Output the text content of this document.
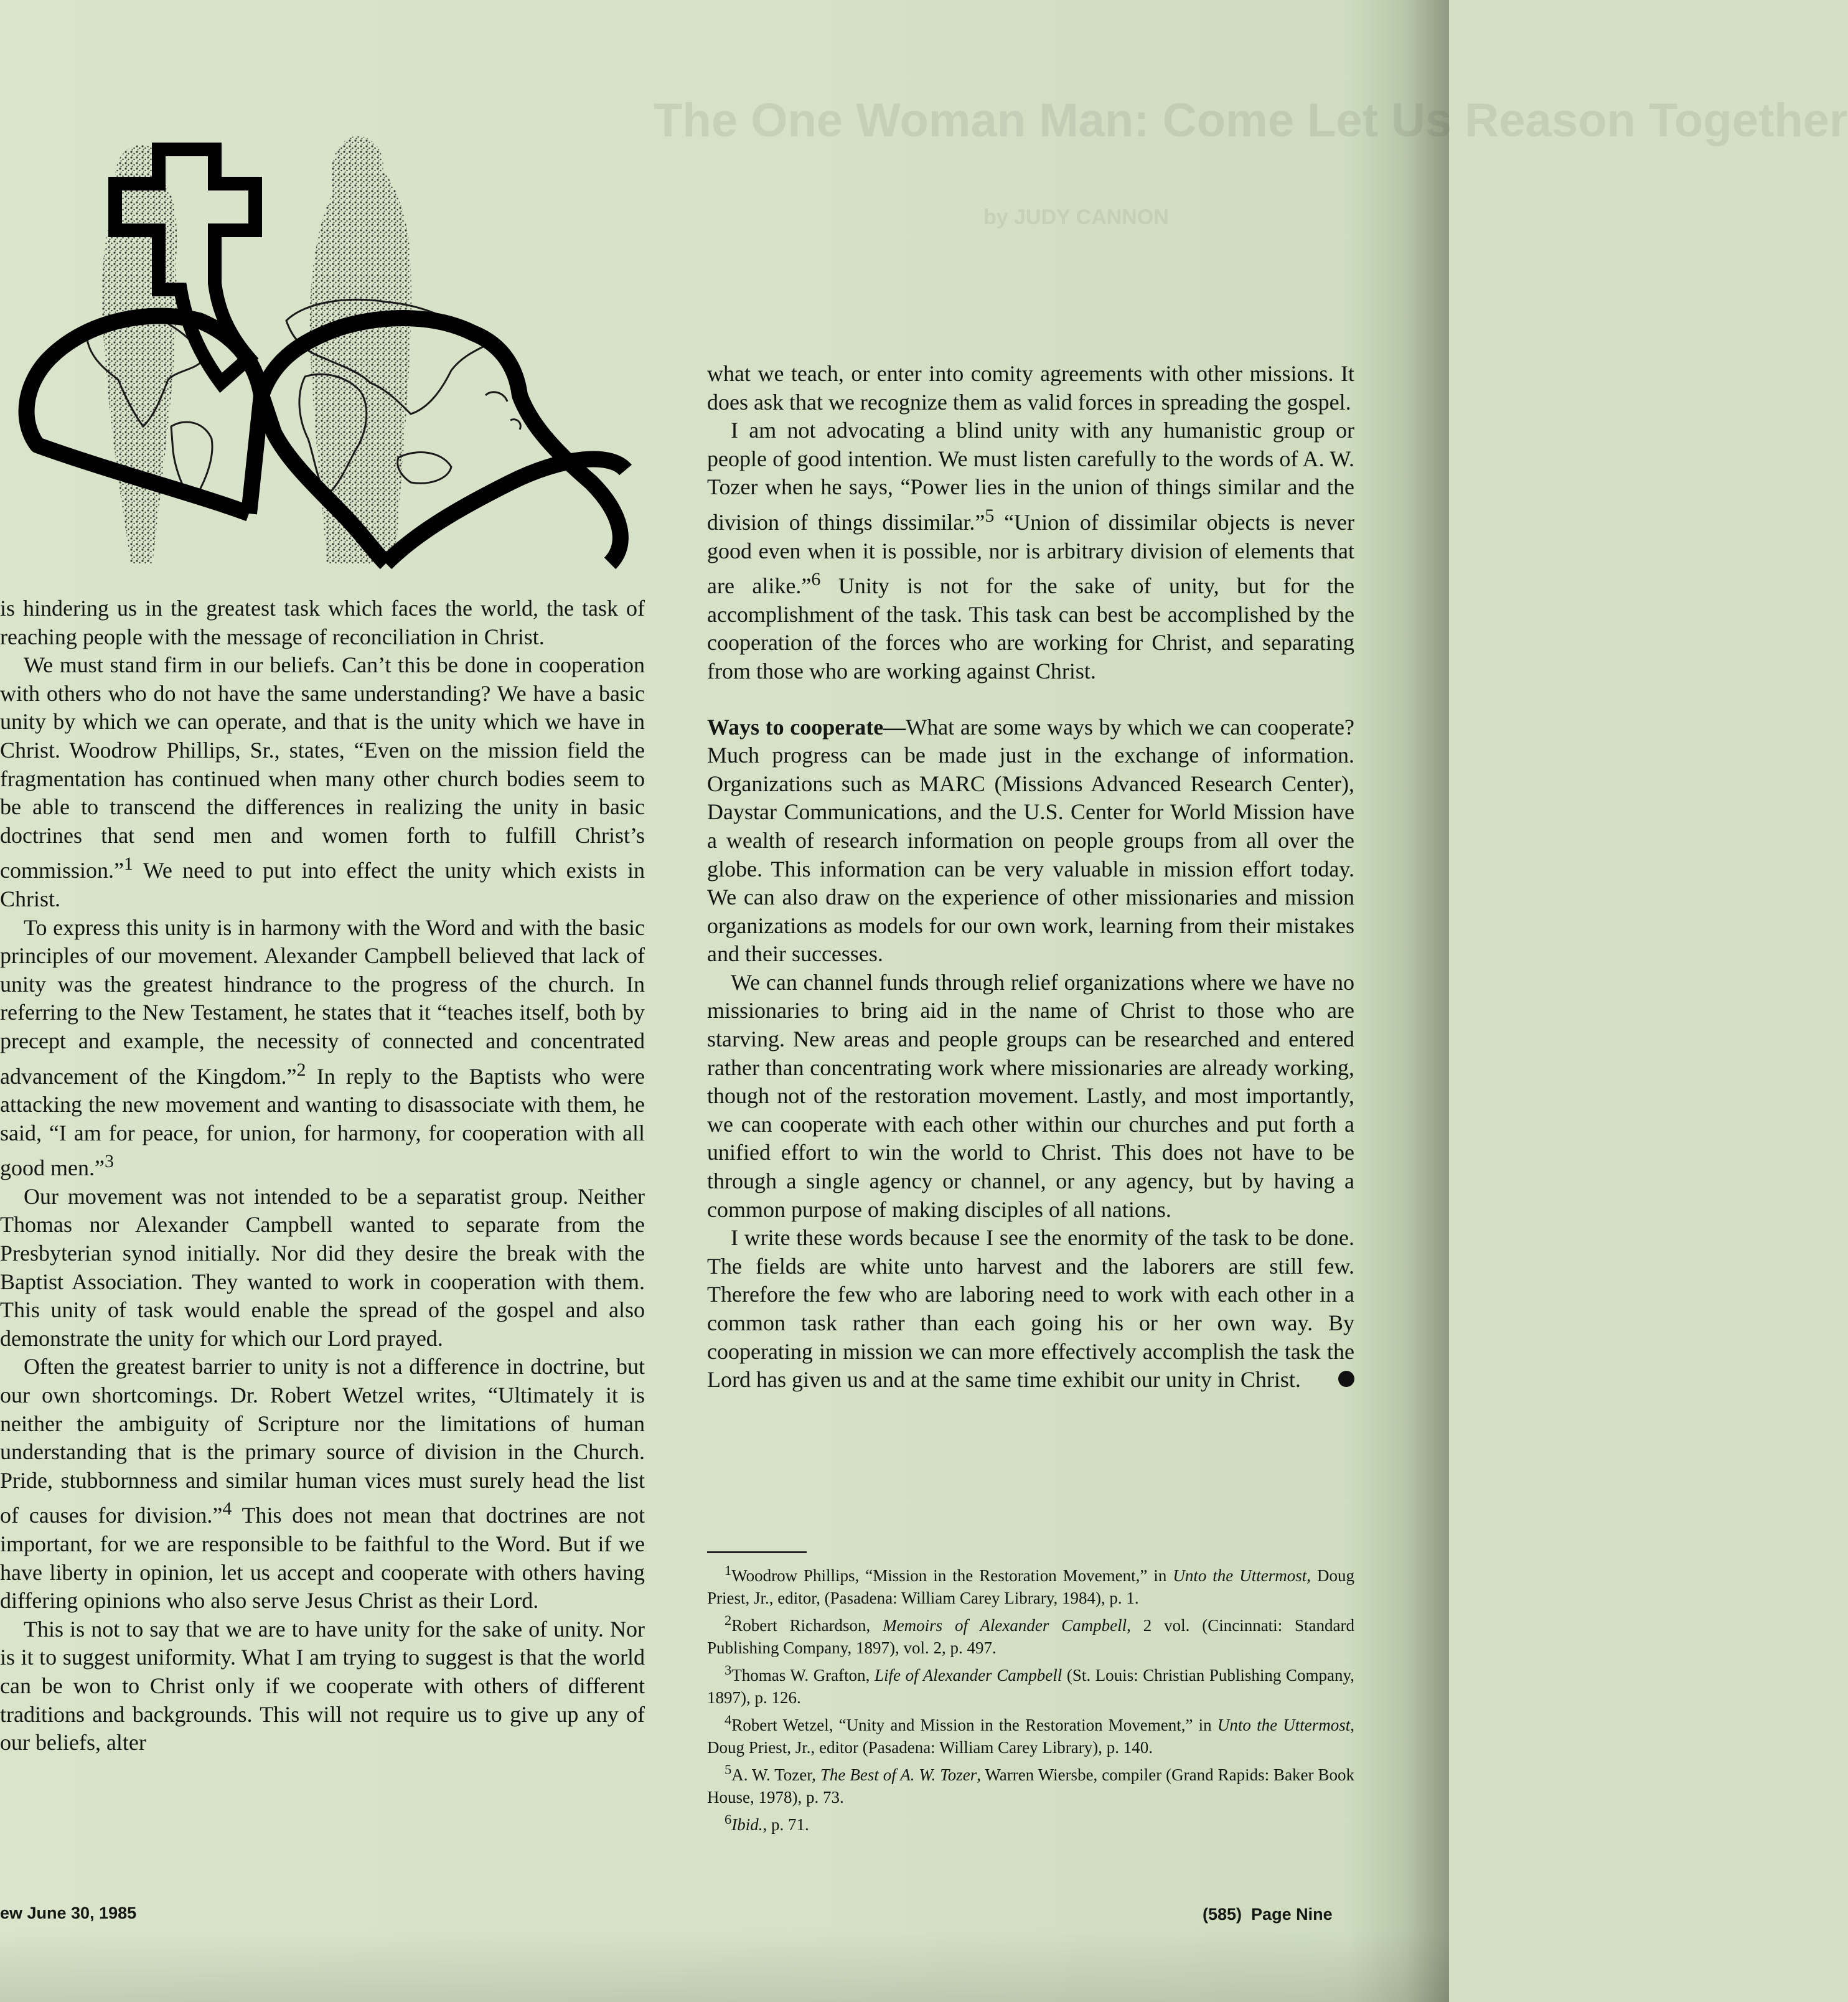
The One Woman Man: Come Let Us Reason Together
by JUDY CANNON

is hindering us in the greatest task which faces the world, the task of reaching people with the message of reconciliation in Christ.

We must stand firm in our beliefs. Can’t this be done in cooperation with others who do not have the same understanding? We have a basic unity by which we can operate, and that is the unity which we have in Christ. Woodrow Phillips, Sr., states, “Even on the mission field the fragmentation has continued when many other church bodies seem to be able to transcend the differences in realizing the unity in basic doctrines that send men and women forth to fulfill Christ’s commission.”$^1$ We need to put into effect the unity which exists in Christ.

To express this unity is in harmony with the Word and with the basic principles of our movement. Alexander Campbell believed that lack of unity was the greatest hindrance to the progress of the church. In referring to the New Testament, he states that it “teaches itself, both by precept and example, the necessity of connected and concentrated advancement of the Kingdom.”$^2$ In reply to the Baptists who were attacking the new movement and wanting to disassociate with them, he said, “I am for peace, for union, for harmony, for cooperation with all good men.”$^3$

Our movement was not intended to be a separatist group. Neither Thomas nor Alexander Campbell wanted to separate from the Presbyterian synod initially. Nor did they desire the break with the Baptist Association. They wanted to work in cooperation with them. This unity of task would enable the spread of the gospel and also demonstrate the unity for which our Lord prayed.

Often the greatest barrier to unity is not a difference in doctrine, but our own shortcomings. Dr. Robert Wetzel writes, “Ultimately it is neither the ambiguity of Scripture nor the limitations of human understanding that is the primary source of division in the Church. Pride, stubbornness and similar human vices must surely head the list of causes for division.”$^4$ This does not mean that doctrines are not important, for we are responsible to be faithful to the Word. But if we have liberty in opinion, let us accept and cooperate with others having differing opinions who also serve Jesus Christ as their Lord.

This is not to say that we are to have unity for the sake of unity. Nor is it to suggest uniformity. What I am trying to suggest is that the world can be won to Christ only if we cooperate with others of different traditions and backgrounds. This will not require us to give up any of our beliefs, alter

what we teach, or enter into comity agreements with other missions. It does ask that we recognize them as valid forces in spreading the gospel.

I am not advocating a blind unity with any humanistic group or people of good intention. We must listen carefully to the words of A. W. Tozer when he says, “Power lies in the union of things similar and the division of things dissimilar.”$^5$ “Union of dissimilar objects is never good even when it is possible, nor is arbitrary division of elements that are alike.”$^6$ Unity is not for the sake of unity, but for the accomplishment of the task. This task can best be accomplished by the cooperation of the forces who are working for Christ, and separating from those who are working against Christ.

Ways to cooperate—What are some ways by which we can cooperate? Much progress can be made just in the exchange of information. Organizations such as MARC (Missions Advanced Research Center), Daystar Communications, and the U.S. Center for World Mission have a wealth of research information on people groups from all over the globe. This information can be very valuable in mission effort today. We can also draw on the experience of other missionaries and mission organizations as models for our own work, learning from their mistakes and their successes.

We can channel funds through relief organizations where we have no missionaries to bring aid in the name of Christ to those who are starving. New areas and people groups can be researched and entered rather than concentrating work where missionaries are already working, though not of the restoration movement. Lastly, and most importantly, we can cooperate with each other within our churches and put forth a unified effort to win the world to Christ. This does not have to be through a single agency or channel, or any agency, but by having a common purpose of making disciples of all nations.

I write these words because I see the enormity of the task to be done. The fields are white unto harvest and the laborers are still few. Therefore the few who are laboring need to work with each other in a common task rather than each going his or her own way. By cooperating in mission we can more effectively accomplish the task the Lord has given us and at the same time exhibit our unity in Christ.

$^1$Woodrow Phillips, “Mission in the Restoration Movement,” in Unto the Uttermost, Doug Priest, Jr., editor, (Pasadena: William Carey Library, 1984), p. 1.

$^2$Robert Richardson, Memoirs of Alexander Campbell, 2 vol. (Cincinnati: Standard Publishing Company, 1897), vol. 2, p. 497.

$^3$Thomas W. Grafton, Life of Alexander Campbell (St. Louis: Christian Publishing Company, 1897), p. 126.

$^4$Robert Wetzel, “Unity and Mission in the Restoration Movement,” in Unto the Uttermost, Doug Priest, Jr., editor (Pasadena: William Carey Library), p. 140.

$^5$A. W. Tozer, The Best of A. W. Tozer, Warren Wiersbe, compiler (Grand Rapids: Baker Book House, 1978), p. 73.

$^6$Ibid., p. 71.

ew June 30, 1985	(585) Page Nine
